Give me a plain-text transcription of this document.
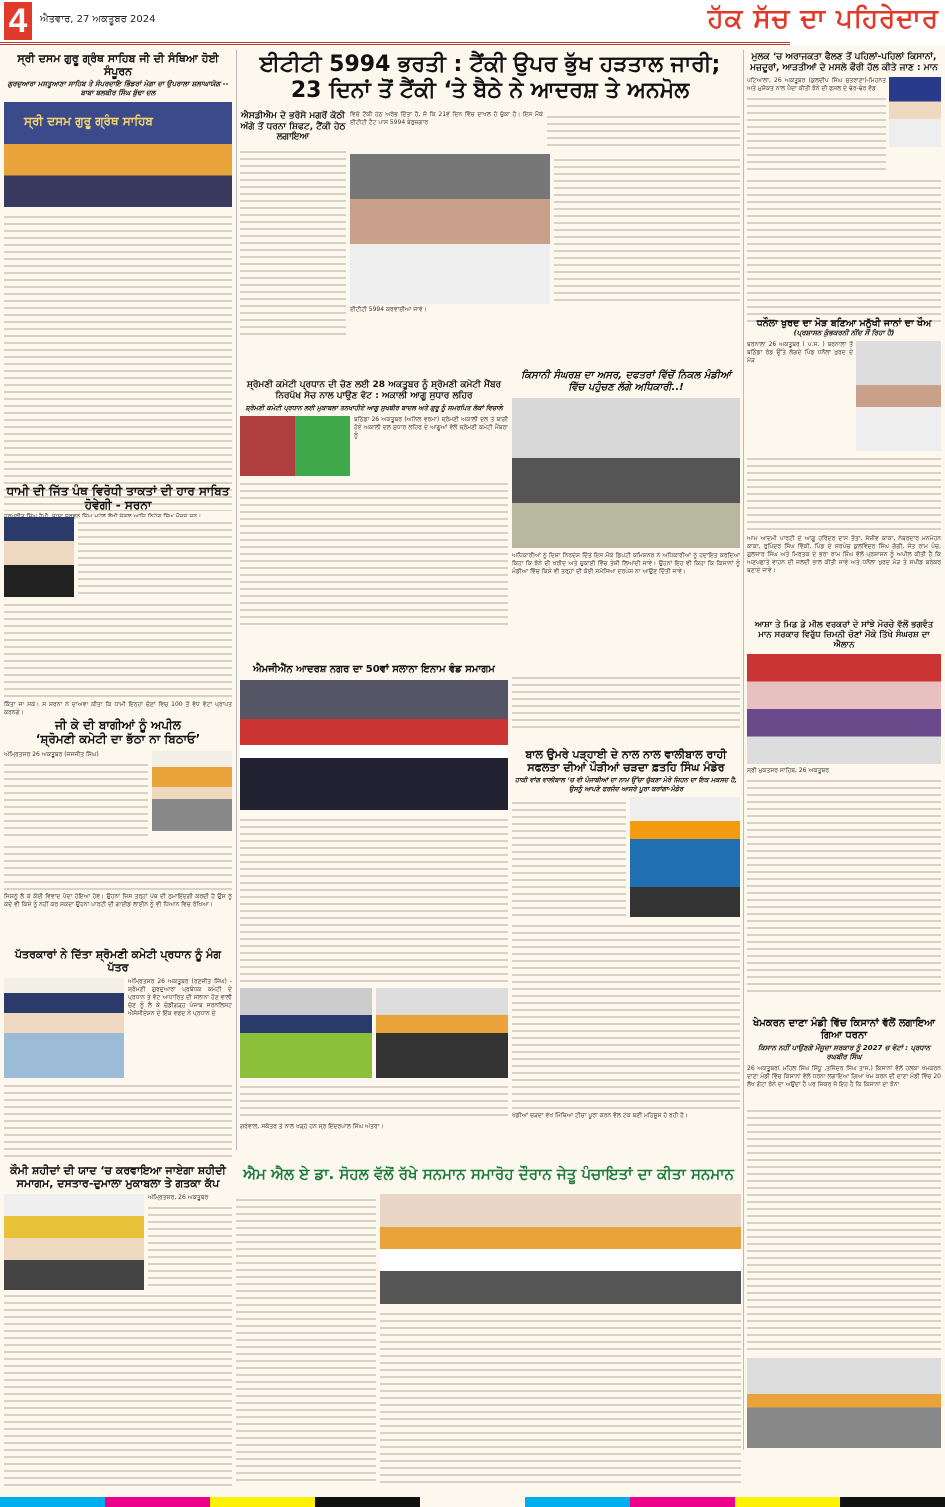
4	ਐਤਵਾਰ, 27 ਅਕਤੂਬਰ 2024	ਹੱਕ ਸੱਚ ਦਾ ਪਹਿਰੇਦਾਰ
ਸ੍ਰੀ ਦਸਮ ਗੁਰੂ ਗ੍ਰੰਥ ਸਾਹਿਬ ਜੀ ਦੀ ਸੰਥਿਆ ਹੋਈ ਸੰਪੂਰਨ
ਗੁਰਦੁਆਰਾ ਮਸਤੂਆਣਾ ਸਾਹਿਬ ਤੇ ਸੰਪਰਦਾਇ ਭਿੰਡਰਾਂ ਮੋਗਾ ਦਾ ਉਪਰਾਲਾ ਸ਼ਲਾਘਾਯੋਗ -- ਬਾਬਾ ਬਲਬੀਰ ਸਿੰਘ ਬੁੱਢਾ ਦਲ
ਸ੍ਰੀ ਦਸਮ ਗੁਰੂ ਗ੍ਰੰਥ ਸਾਹਿਬ
ਧਾਮੀ ਦੀ ਜਿੱਤ ਪੰਥ ਵਿਰੋਧੀ ਤਾਕਤਾਂ ਦੀ ਹਾਰ ਸਾਬਿਤ ਹੋਵੇਗੀ - ਸਰਨਾ
ਕਿੱਤਾ ਜਾ ਸਕੇ। ਸ ਸਰਨਾ ਨੇ ਦਾਅਵਾ ਕੀਤਾ ਕਿ ਧਾਮੀ ਇਨ੍ਹਾਂ ਚੋਣਾਂ ਵਿਚ 100 ਤੋਂ ਵੱਧ ਵੋਟਾਂ ਪ੍ਰਾਪਤ ਕਰਨਗੇ।
ਜੀ ਕੇ ਦੀ ਬਾਗੀਆਂ ਨੂੰ ਅਪੀਲ
‘ਸ਼੍ਰੋਮਣੀ ਕਮੇਟੀ ਦਾ ਭੱਠਾ ਨਾ ਬਿਠਾਓ’
ਅੰਮ੍ਰਿਤਸਰ 26 ਅਕਤੂਬਰ (ਜਸਜੀਤ ਸਿੰਘ)
ਜਿਸਨੂੰ ਲੈ ਕੇ ਕੋਈ ਵਿਵਾਦ ਪੈਦਾ ਹੋਇਆ ਹੋਵੇ। ਉਹਨਾਂ ਜਿਸ ਤਰ੍ਹਾਂ ਪੰਥ ਦੀ ਨੁਮਾਇੰਦਗੀ ਕਰਦੀ ਹੈ ਉਸ ਨੂੰ ਕਦੇ ਵੀ ਕਿਸੇ ਨੂੰ ਨਹੀਂ ਕਰ ਸਕਦਾ ਉਹਨਾ ਪਾਰਟੀ ਦੀ ਗਾਈਡ ਲਾਈਨ ਨੂੰ ਵੀ ਧਿਆਨ ਵਿਚ ਰੱਖਿਆ।
ਪੱਤਰਕਾਰਾਂ ਨੇ ਦਿੱਤਾ ਸ਼੍ਰੋਮਣੀ ਕਮੇਟੀ ਪ੍ਰਧਾਨ ਨੂੰ ਮੰਗ ਪੱਤਰ
ਅੰਮ੍ਰਿਤਸਰ 26 ਅਕਤੂਬਰ (ਰਣਜੀਤ ਸਿੰਘ) - ਸ਼੍ਰੋਮਣੀ ਗੁਰਦੁਆਰਾ ਪ੍ਰਬੰਧਕ ਕਮੇਟੀ ਦੇ ਪ੍ਰਧਾਨ ਤੇ ਵੋਟ ਆਧਾਰਿਤ ਦੀ ਸਲਾਨਾ ਹੋਣ ਵਾਲੀ ਚੋਣ ਨੂੰ ਲੈ ਕੇ ਚੰਡੀਗੜ੍ਹ ਪੰਜਾਬ ਜਰਨਲਿਸਟ ਐਸੋਸੀਏਸ਼ਨ ਦੇ ਇੱਕ ਵਫਦ ਨੇ ਪ੍ਰਧਾਨ ਦੇ
ਕੌਮੀ ਸ਼ਹੀਦਾਂ ਦੀ ਯਾਦ ‘ਚ ਕਰਵਾਇਆ ਜਾਏਗਾ ਸ਼ਹੀਦੀ ਸਮਾਗਮ, ਦਸਤਾਰ-ਦੁਮਾਲਾ ਮੁਕਾਬਲਾ ਤੇ ਗਤਕਾ ਕੱਪ
ਅੰਮ੍ਰਿਤਸਰ, 26 ਅਕਤੂਬਰ
ਈਟੀਟੀ 5994 ਭਰਤੀ : ਟੈਂਕੀ ਉਪਰ ਭੁੱਖ ਹੜਤਾਲ ਜਾਰੀ;
23 ਦਿਨਾਂ ਤੋਂ ਟੈਂਕੀ ‘ਤੇ ਬੈਠੇ ਨੇ ਆਦਰਸ਼ ਤੇ ਅਨਮੋਲ
ਐਸਡੀਐਮ ਦੇ ਭਰੋਸੇ ਮਗਰੋਂ ਕੋਠੀ ਅੱਗੇ ਤੋਂ ਧਰਨਾ ਸ਼ਿਫਟ, ਟੈਂਕੀ ਹੇਠ ਲਗਾਇਆ
ਵਿਚੋ ਟੈਂਕੀ ਹੇਠ ਅਰੰਭ ਦਿੱਤਾ ਹੈ, ਜੋ ਕਿ 21ਵੇਂ ਦਿਨ ਵਿੱਚ ਦਾਖਲ ਹੋ ਚੁੱਕਾ ਹੈ। ਇਸ ਮੌਕੇ ਈਟੀਟੀ ਟੈਟ ਪਾਸ 5994 ਬੇਰੁਜ਼ਗਾਰ
ਈਟੀਟੀ 5994 ਕਰਵਾਈਆ ਜਾਵੇ।
ਸ਼੍ਰੋਮਣੀ ਕਮੇਟੀ ਪ੍ਰਧਾਨ ਦੀ ਚੋਣ ਲਈ 28 ਅਕਤੂਬਰ ਨੂੰ ਸ਼੍ਰੋਮਣੀ ਕਮੇਟੀ ਮੈਂਬਰ ਨਿਰਪੱਖ ਸੋਚ ਨਾਲ ਪਾਉਣ ਵੋਟ : ਅਕਾਲੀ ਆਗੂ ਸੁਧਾਰ ਲਹਿਰ
ਸ਼੍ਰੋਮਣੀ ਕਮੇਟੀ ਪ੍ਰਧਾਨ ਲਈ ਮੁਕਾਬਲਾ ਤਨਖਾਹੀਏ ਆਗੂ ਸੁਖਬੀਰ ਬਾਦਲ ਅਤੇ ਗੁਰੂ ਨੂੰ ਸਮਰਪਿਤ ਲੋਕਾਂ ਵਿਚਾਲੇ
ਬਠਿੰਡਾ 26 ਅਕਤੂਬਰ (ਅਨਿਲ ਵਰਮਾ) ਸ਼੍ਰੋਮਣੀ ਅਕਾਲੀ ਦਲ ਤੇ ਬਾਗੀ ਹੋਏ ਅਕਾਲੀ ਦਲ ਸੁਧਾਰ ਲਹਿਰ ਦੇ ਆਗੂਆਂ ਵੱਲੋਂ ਸ਼੍ਰੋਮਣੀ ਕਮੇਟੀ ਮੈਂਬਰਾ ਨੂੰ
ਕਿਸਾਨੀ ਸੰਘਰਸ਼ ਦਾ ਅਸਰ, ਦਫਤਰਾਂ ਵਿੱਚੋਂ ਨਿਕਲ ਮੰਡੀਆਂ ਵਿੱਚ ਪਹੁੰਚਣ ਲੱਗੇ ਅਧਿਕਾਰੀ..!
ਅਧਿਕਾਰੀਆਂ ਨੂੰ ਦਿਸ਼ਾ ਨਿਰਦੇਸ਼ ਦਿੱਤੇ ਇਸ ਮੌਕੇ ਡਿਪਟੀ ਕਮਿਸ਼ਨਰ ਨੇ ਅਧਿਕਾਰੀਆਂ ਨੂੰ ਹਦਾਇਤ ਕਰਦਿਆ ਕਿਹਾ ਕਿ ਝੋਨੇ ਦੀ ਖਰੀਦ ਅਤੇ ਚੁਕਾਈ ਵਿੱਚ ਤੇਜ਼ੀ ਲਿਆਂਦੀ ਜਾਵੇ। ਉਹਨਾਂ ਇਹ ਵੀ ਕਿਹਾ ਕਿ ਕਿਸਾਨਾਂ ਨੂੰ ਮੰਡੀਆ ਵਿੱਚ ਕਿਸੇ ਵੀ ਤਰ੍ਹਾਂ ਦੀ ਕੋਈ ਸਮੱਸਿਆ ਦਰਪੇਸ਼ ਨਾ ਆਉਣ ਦਿੱਤੀ ਜਾਵੇ।
ਐਮਜੀਐੱਨ ਆਦਰਸ਼ ਨਗਰ ਦਾ 50ਵਾਂ ਸਲਾਨਾ ਇਨਾਮ ਵੰਡ ਸਮਾਗਮ
ਗਰੇਵਾਲ, ਸਕੱਤਰ ਤੇ ਨਾਲ ਖੜ੍ਹੇ ਹਨ ਸ੍ਰ ਇੰਦਰਪਾਲ ਸਿੰਘ ਅੰਤਰਾ।
ਬਾਲ ਉਮਰੇ ਪੜ੍ਹਾਈ ਦੇ ਨਾਲ ਨਾਲ ਵਾਲੀਬਾਲ ਰਾਹੀ ਸਫਲਤਾ ਦੀਆਂ ਪੌੜੀਆਂ ਚੜਦਾ ਫ਼ਤਹਿ ਸਿੰਘ ਮੰਡੇਰ
ਹਾਕੀ ਵਾਂਗ ਵਾਲੀਬਾਲ ‘ਚ ਵੀ ਪੰਜਾਬੀਆਂ ਦਾ ਨਾਮ ਉੱਚਾ ਚੁੱਕਣਾ ਮੇਰੇ ਜਿਹਨ ਦਾ ਇਕ ਮਕਸਦ ਹੈ, ਉਸਨੂੰ ਆਪਣੇ ਫਰਜੰਦ ਆਸਰੇ ਪੂਰਾ ਕਰਾਂਗਾ-ਮੰਡੇਰ
ਖੇਡੀਆਂ ਚੜਦਾ ਵੇਖ ਮਿੱਥਿਆ ਟੀਚਾ ਪੂਰਾ ਕਰਨ ਵੱਲ ਟੇਕ ਬਣੀ ਮਹਿਸੂਸ ਹੋ ਰਹੀ ਹੈ।
ਐਮ ਐਲ ਏ ਡਾ. ਸੋਹਲ ਵੱਲੋਂ ਰੱਖੇ ਸਨਮਾਨ ਸਮਾਰੋਹ ਦੌਰਾਨ ਜੇਤੂ ਪੰਚਾਇਤਾਂ ਦਾ ਕੀਤਾ ਸਨਮਾਨ
ਮੁਲਕ ‘ਚ ਅਰਾਜਕਤਾ ਫੈਲਣ ਤੋਂ ਪਹਿਲਾਂ-ਪਹਿਲਾਂ ਕਿਸਾਨਾਂ, ਮਜ਼ਦੂਰਾਂ, ਆੜਤੀਆਂ ਦੇ ਮਸਲੇ ਫੌਰੀ ਹੱਲ ਕੀਤੇ ਜਾਣ : ਮਾਨ
ਪਟਿਆਲਾ, 26 ਅਕਤੂਬਰ (ਕੁਲਦੀਪ ਸਿੰਘ ਸੁਤਰਾਣਾ)-ਮਿਹਨਤ ਅਤੇ ਮੁਸ਼ੱਕਤ ਨਾਲ ਪੈਦਾ ਕੀਤੀ ਝੋਨੇ ਦੀ ਫਸਲ ਦੇ ਢੇਰ-ਢੇਰ ਵੱਡ
ਧਨੌਲਾ ਖੁਰਦ ਦਾ ਮੋੜ ਬਣਿਆ ਮਨੁੱਖੀ ਜਾਨਾਂ ਦਾ ਖੌਅ
(ਪ੍ਰਸ਼ਾਸਨ ਕੁੰਭਕਰਨੀ ਨੀਂਦ ਸੌਂ ਰਿਹਾ ਹੈ)
ਬਰਨਾਲਾ 26 ਅਕਤੂਬਰ ( ਪ.ਸ. ) ਬਰਨਾਲਾ ਤੋਂ ਬਠਿੰਡਾ ਰੋਡ ਉੱਤੇ ਲੱਗਦੇ ਪਿੰਡ ਧਨੌਲਾ ਖੁਰਦ ਦੇ ਮੋੜ
ਆਮ ਆਦਮੀ ਪਾਰਟੀ ਦੇ ਆਗੂ ਹਰਿੰਦਰ ਦਾਸ ਤੋਤਾ, ਸੰਜੀਵ ਕਾਕਾ, ਨੰਬਰਦਾਰ ਮਨਮੋਹਨ ਕਾਕਾ, ਰੁਪਿੰਦਰ ਸਿੰਘ ਵਿੱਕੀ, ਪਿੰਡ ਦੇ ਸਰਪੰਚ ਕੁਲਵਿੰਦਰ ਸਿੰਘ ਗੋਗੀ, ਜੰਤ ਰਾਮ ਪੰਚ, ਗੁਲਜਾਰ ਸਿੰਘ ਅਤੇ ਮਿਰਤਕ ਦੇ ਭਰਾ ਰਾਮ ਸਿੰਘ ਵੱਲੋਂ ਪ੍ਰਸ਼ਾਸਨ ਨੂੰ ਅਪੀਲ ਕੀਤੀ ਹੈ ਕਿ ਅਣਪਛਾਤੇ ਵਾਹਨ ਦੀ ਜਲਦੀ ਭਾਲ ਕੀਤੀ ਜਾਵੇ ਅਤੇ ਧਨੌਲਾ ਖੁਰਦ ਮੋੜ ਤੇ ਸਪੀਡ ਬਰੇਕਰ ਬਣਾਏ ਜਾਵੇ।
ਆਸ਼ਾ ਤੇ ਮਿਡ ਡੇ ਮੀਲ ਵਰਕਰਾਂ ਦੇ ਸਾਂਝੇ ਮੋਰਚੇ ਵੱਲੋਂ ਭਗਵੰਤ ਮਾਨ ਸਰਕਾਰ ਵਿਰੁੱਧ ਜ਼ਿਮਨੀ ਚੋਣਾਂ ਮੌਕੇ ਤਿੱਖੇ ਸੰਘਰਸ਼ ਦਾ ਐਲਾਨ
ਸ੍ਰੀ ਮੁਕਤਸਰ ਸਾਹਿਬ, 26 ਅਕਤੂਬਰ
ਖੇਮਕਰਨ ਦਾਣਾ ਮੰਡੀ ਵਿੱਚ ਕਿਸਾਨਾਂ ਵੱਲੋਂ ਲਗਾਇਆ ਗਿਆ ਧਰਨਾ
ਕਿਸਾਨ ਨਹੀਂ ਪਾਉਣਗੇ ਮੌਜੂਦਾ ਸਰਕਾਰ ਨੂੰ 2027 ਚ ਵੋਟਾਂ : ਪ੍ਰਧਾਨ ਰਘਬੀਰ ਸਿੰਘ
26 ਅਕਤੂਬਰ( ਮਹਿਲ ਸਿੰਘ ਸਿੱਧੂ ,ਤਜਿੰਦਰ ਸਿੰਘ ਤਾਜ,) ਕਿਸਾਨਾਂ ਵੱਲੋਂ ਹਲਕਾ ਖੇਮਕਰਨ ਦਾਣਾ ਮੰਡੀ ਵਿੱਚ ਕਿਸਾਨਾਂ ਵੱਲੋਂ ਧਰਨਾ ਲਗਾਇਆ ਗਿਆ ਖੇਮ ਕਰਨ ਦੀ ਦਾਣਾ ਮੰਡੀ ਵਿੱਚ 20 ਲੱਖ ਗੱਟਾ ਝੋਨੇ ਦਾ ਅਉਂਦਾ ਹੈ ਪਰ ਜਿਕਰ ਜੋ ਇਹ ਹੈ ਕਿ ਕਿਸਾਨਾਂ ਦਾ ਝੋਨਾ
